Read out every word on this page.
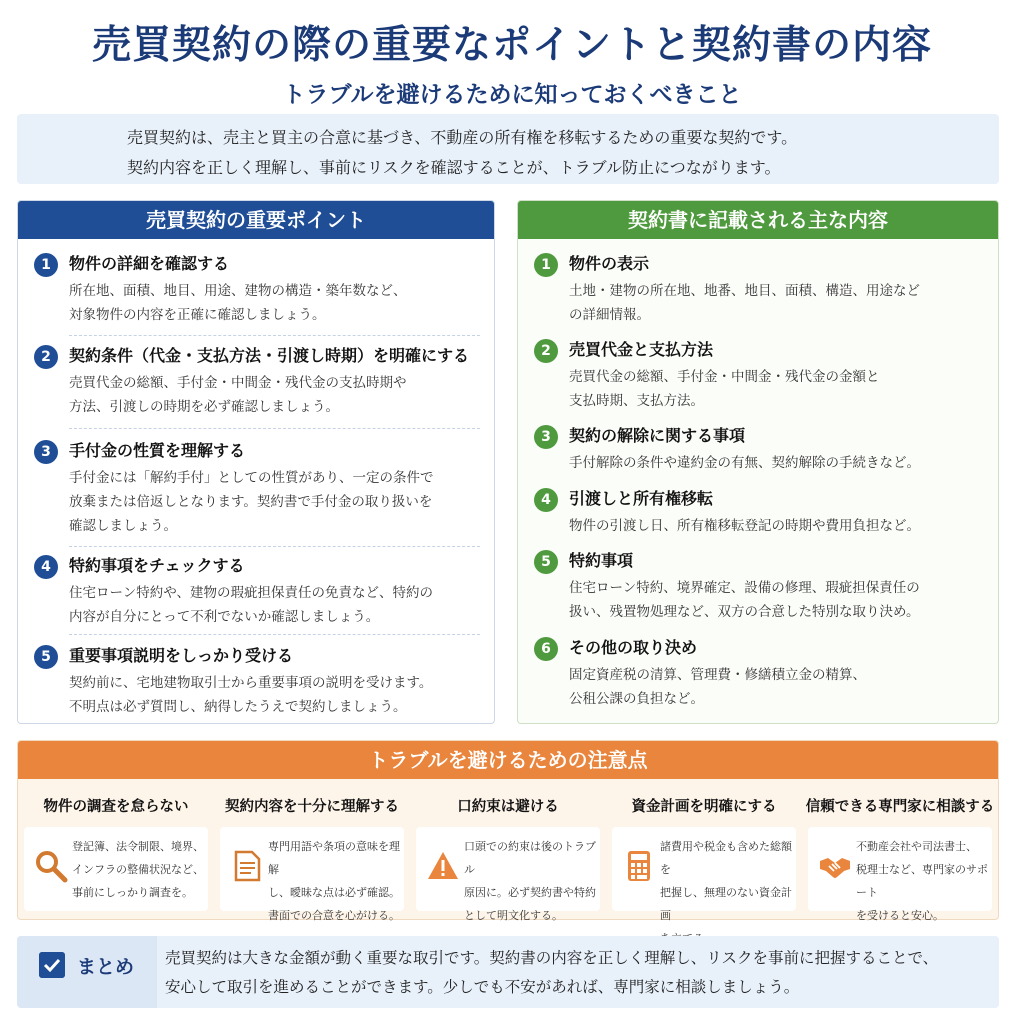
売買契約の際の重要なポイントと契約書の内容
トラブルを避けるために知っておくべきこと
売買契約は、売主と買主の合意に基づき、不動産の所有権を移転するための重要な契約です。
契約内容を正しく理解し、事前にリスクを確認することが、トラブル防止につながります。
売買契約の重要ポイント
1	物件の詳細を確認する
所在地、面積、地目、用途、建物の構造・築年数など、
対象物件の内容を正確に確認しましょう。
2	契約条件（代金・支払方法・引渡し時期）を明確にする
売買代金の総額、手付金・中間金・残代金の支払時期や
方法、引渡しの時期を必ず確認しましょう。
3	手付金の性質を理解する
手付金には「解約手付」としての性質があり、一定の条件で
放棄または倍返しとなります。契約書で手付金の取り扱いを
確認しましょう。
4	特約事項をチェックする
住宅ローン特約や、建物の瑕疵担保責任の免責など、特約の
内容が自分にとって不利でないか確認しましょう。
5	重要事項説明をしっかり受ける
契約前に、宅地建物取引士から重要事項の説明を受けます。
不明点は必ず質問し、納得したうえで契約しましょう。
契約書に記載される主な内容
1	物件の表示
土地・建物の所在地、地番、地目、面積、構造、用途など
の詳細情報。
2	売買代金と支払方法
売買代金の総額、手付金・中間金・残代金の金額と
支払時期、支払方法。
3	契約の解除に関する事項
手付解除の条件や違約金の有無、契約解除の手続きなど。
4	引渡しと所有権移転
物件の引渡し日、所有権移転登記の時期や費用負担など。
5	特約事項
住宅ローン特約、境界確定、設備の修理、瑕疵担保責任の
扱い、残置物処理など、双方の合意した特別な取り決め。
6	その他の取り決め
固定資産税の清算、管理費・修繕積立金の精算、
公租公課の負担など。
トラブルを避けるための注意点
物件の調査を怠らない
登記簿、法令制限、境界、
インフラの整備状況など、
事前にしっかり調査を。
契約内容を十分に理解する
専門用語や条項の意味を理解
し、曖昧な点は必ず確認。
書面での合意を心がける。
口約束は避ける
口頭での約束は後のトラブル
原因に。必ず契約書や特約
として明文化する。
資金計画を明確にする
諸費用や税金も含めた総額を
把握し、無理のない資金計画
信頼できる専門家に相談する
不動産会社や司法書士、
税理士など、専門家のサポート
を受けると安心。
まとめ 売買契約は大きな金額が動く重要な取引です。契約書の内容を正しく理解し、リスクを事前に把握することで、
安心して取引を進めることができます。少しでも不安があれば、専門家に相談しましょう。
